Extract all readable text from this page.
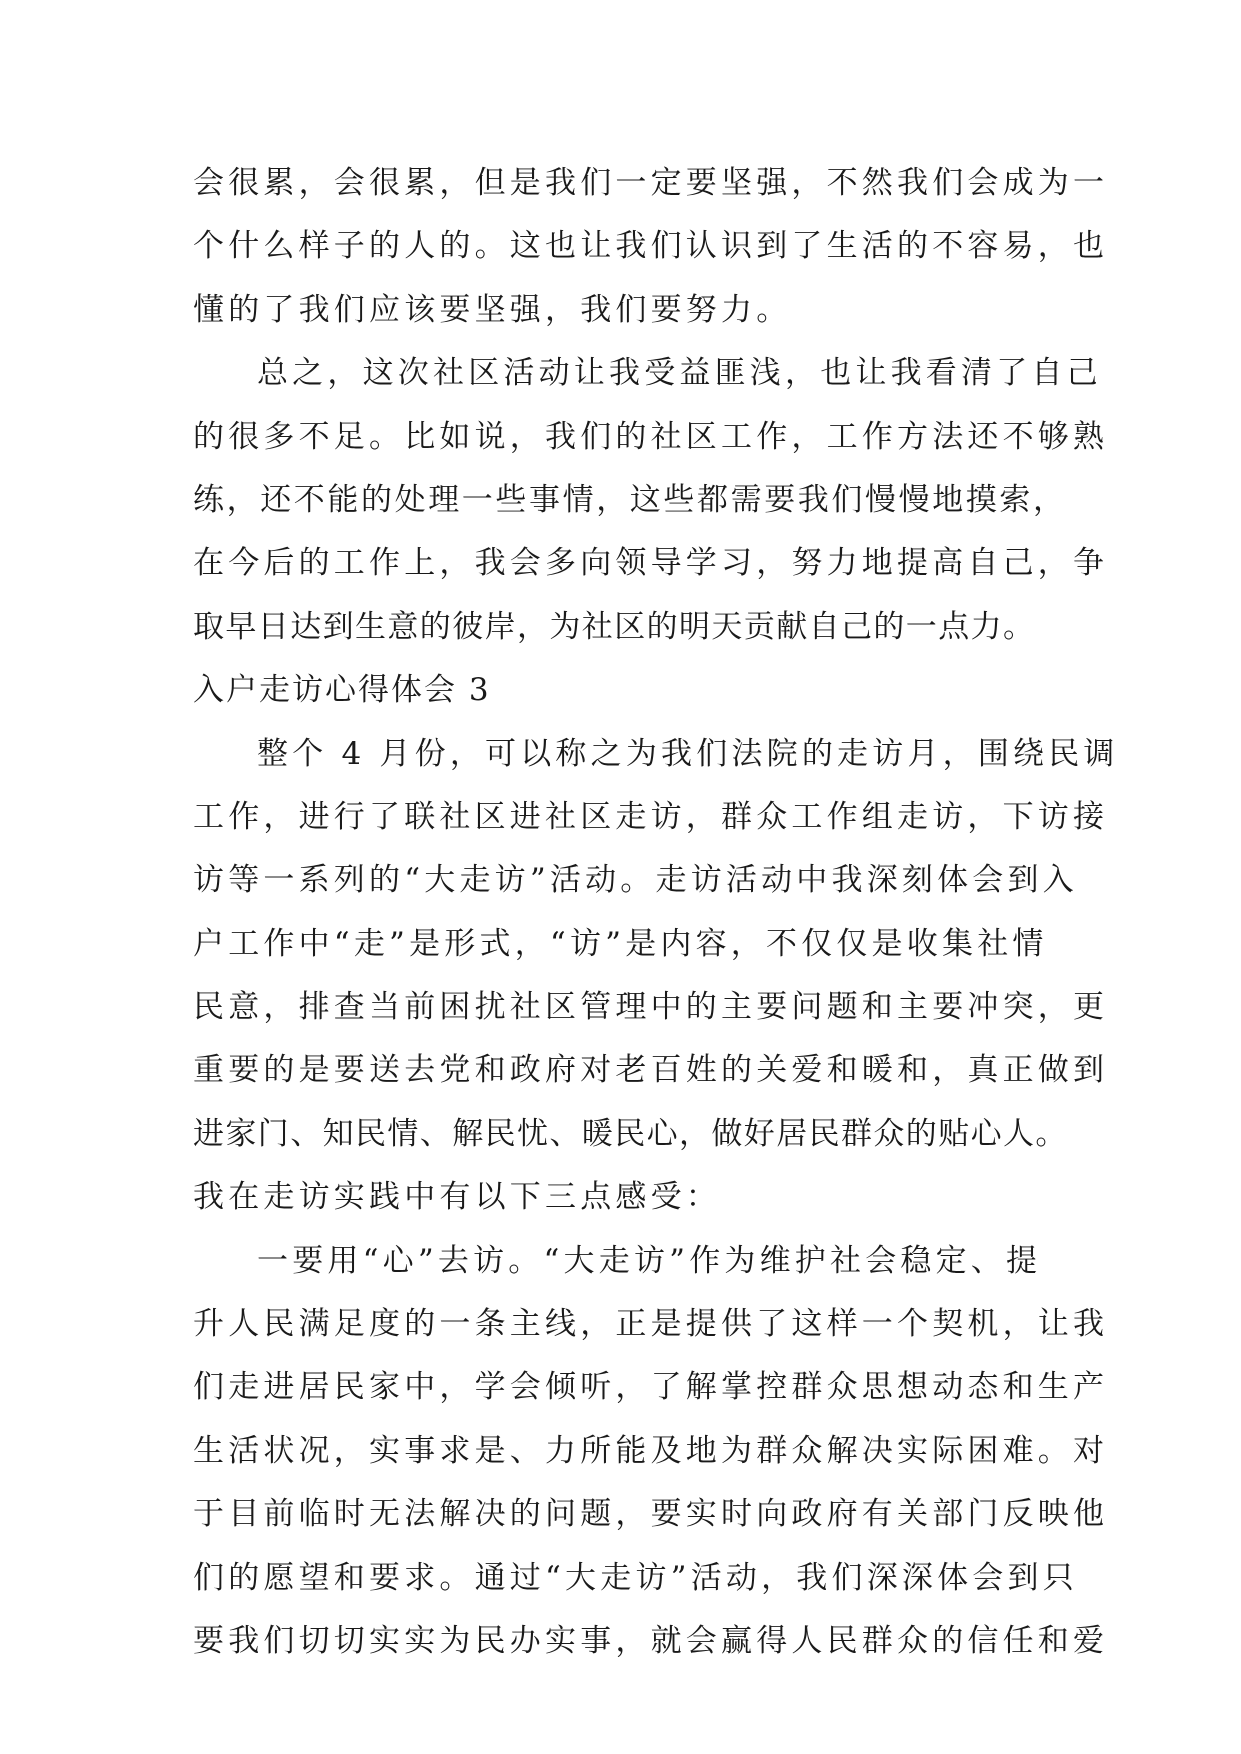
会很累，会很累，但是我们一定要坚强，不然我们会成为一
个什么样子的人的。这也让我们认识到了生活的不容易，也
懂的了我们应该要坚强，我们要努力。
总之，这次社区活动让我受益匪浅，也让我看清了自己
的很多不足。比如说，我们的社区工作，工作方法还不够熟
练，还不能的处理一些事情，这些都需要我们慢慢地摸索，
在今后的工作上，我会多向领导学习，努力地提高自己，争
取早日达到生意的彼岸，为社区的明天贡献自己的一点力。
入户走访心得体会 3
整个 4 月份，可以称之为我们法院的走访月，围绕民调
工作，进行了联社区进社区走访，群众工作组走访，下访接
访等一系列的“大走访”活动。走访活动中我深刻体会到入
户工作中“走”是形式，“访”是内容，不仅仅是收集社情
民意，排查当前困扰社区管理中的主要问题和主要冲突，更
重要的是要送去党和政府对老百姓的关爱和暖和，真正做到
进家门、知民情、解民忧、暖民心，做好居民群众的贴心人。
我在走访实践中有以下三点感受：
一要用“心”去访。“大走访”作为维护社会稳定、提
升人民满足度的一条主线，正是提供了这样一个契机，让我
们走进居民家中，学会倾听，了解掌控群众思想动态和生产
生活状况，实事求是、力所能及地为群众解决实际困难。对
于目前临时无法解决的问题，要实时向政府有关部门反映他
们的愿望和要求。通过“大走访”活动，我们深深体会到只
要我们切切实实为民办实事，就会赢得人民群众的信任和爱
